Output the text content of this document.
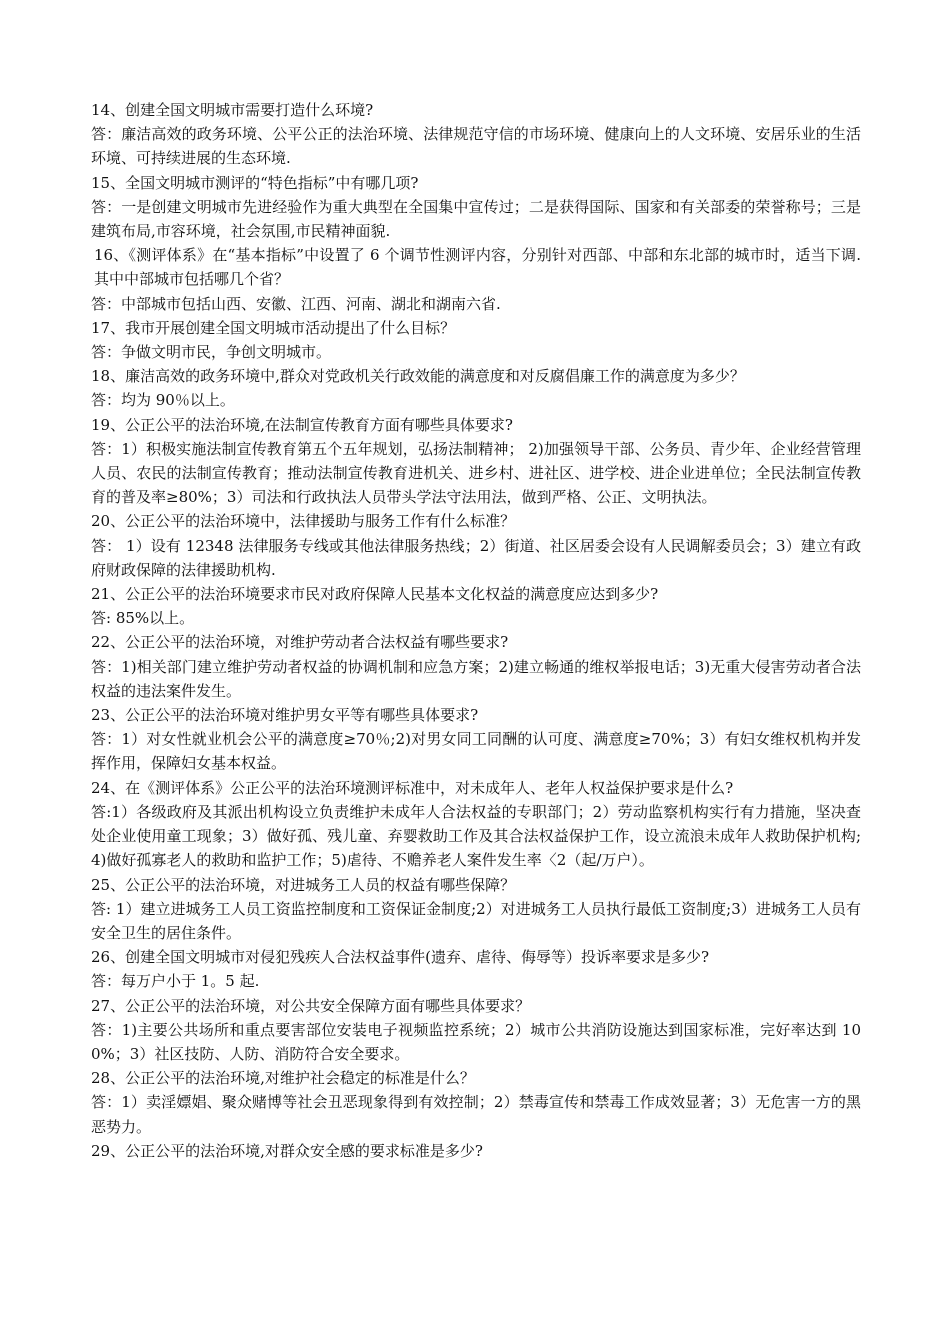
14、创建全国文明城市需要打造什么环境?

答：廉洁高效的政务环境、公平公正的法治环境、法律规范守信的市场环境、健康向上的人文环境、安居乐业的生活环境、可持续进展的生态环境.

15、全国文明城市测评的“特色指标”中有哪几项?

答：一是创建文明城市先进经验作为重大典型在全国集中宣传过；二是获得国际、国家和有关部委的荣誉称号；三是建筑布局,市容环境，社会氛围,市民精神面貌.

16、《测评体系》在“基本指标”中设置了 6 个调节性测评内容，分别针对西部、中部和东北部的城市时，适当下调.其中中部城市包括哪几个省？

答：中部城市包括山西、安徽、江西、河南、湖北和湖南六省.

17、我市开展创建全国文明城市活动提出了什么目标？

答：争做文明市民，争创文明城市。

18、廉洁高效的政务环境中,群众对党政机关行政效能的满意度和对反腐倡廉工作的满意度为多少？

答：均为 90％以上。

19、公正公平的法治环境,在法制宣传教育方面有哪些具体要求?

答：1）积极实施法制宣传教育第五个五年规划，弘扬法制精神； 2)加强领导干部、公务员、青少年、企业经营管理人员、农民的法制宣传教育；推动法制宣传教育进机关、进乡村、进社区、进学校、进企业进单位；全民法制宣传教育的普及率≥80%；3）司法和行政执法人员带头学法守法用法，做到严格、公正、文明执法。

20、公正公平的法治环境中，法律援助与服务工作有什么标准？

答： 1）设有 12348 法律服务专线或其他法律服务热线；2）街道、社区居委会设有人民调解委员会；3）建立有政府财政保障的法律援助机构.

21、公正公平的法治环境要求市民对政府保障人民基本文化权益的满意度应达到多少?

答: 85%以上。

22、公正公平的法治环境，对维护劳动者合法权益有哪些要求?

答：1)相关部门建立维护劳动者权益的协调机制和应急方案；2)建立畅通的维权举报电话；3)无重大侵害劳动者合法权益的违法案件发生。

23、公正公平的法治环境对维护男女平等有哪些具体要求?

答：1）对女性就业机会公平的满意度≥70％;2)对男女同工同酬的认可度、满意度≥70%；3）有妇女维权机构并发挥作用，保障妇女基本权益。

24、在《测评体系》公正公平的法治环境测评标准中，对未成年人、老年人权益保护要求是什么?

答:1）各级政府及其派出机构设立负责维护未成年人合法权益的专职部门；2）劳动监察机构实行有力措施，坚决查处企业使用童工现象；3）做好孤、残儿童、弃婴救助工作及其合法权益保护工作，设立流浪未成年人救助保护机构;4)做好孤寡老人的救助和监护工作；5)虐待、不赡养老人案件发生率〈2（起/万户）。

25、公正公平的法治环境，对进城务工人员的权益有哪些保障？

答: 1）建立进城务工人员工资监控制度和工资保证金制度;2）对进城务工人员执行最低工资制度;3）进城务工人员有安全卫生的居住条件。

26、创建全国文明城市对侵犯残疾人合法权益事件(遗弃、虐待、侮辱等）投诉率要求是多少?

答：每万户小于 1。5 起.

27、公正公平的法治环境，对公共安全保障方面有哪些具体要求？

答：1)主要公共场所和重点要害部位安装电子视频监控系统；2）城市公共消防设施达到国家标准，完好率达到 100%；3）社区技防、人防、消防符合安全要求。

28、公正公平的法治环境,对维护社会稳定的标准是什么？

答：1）卖淫嫖娼、聚众赌博等社会丑恶现象得到有效控制；2）禁毒宣传和禁毒工作成效显著；3）无危害一方的黑恶势力。

29、公正公平的法治环境,对群众安全感的要求标准是多少?
